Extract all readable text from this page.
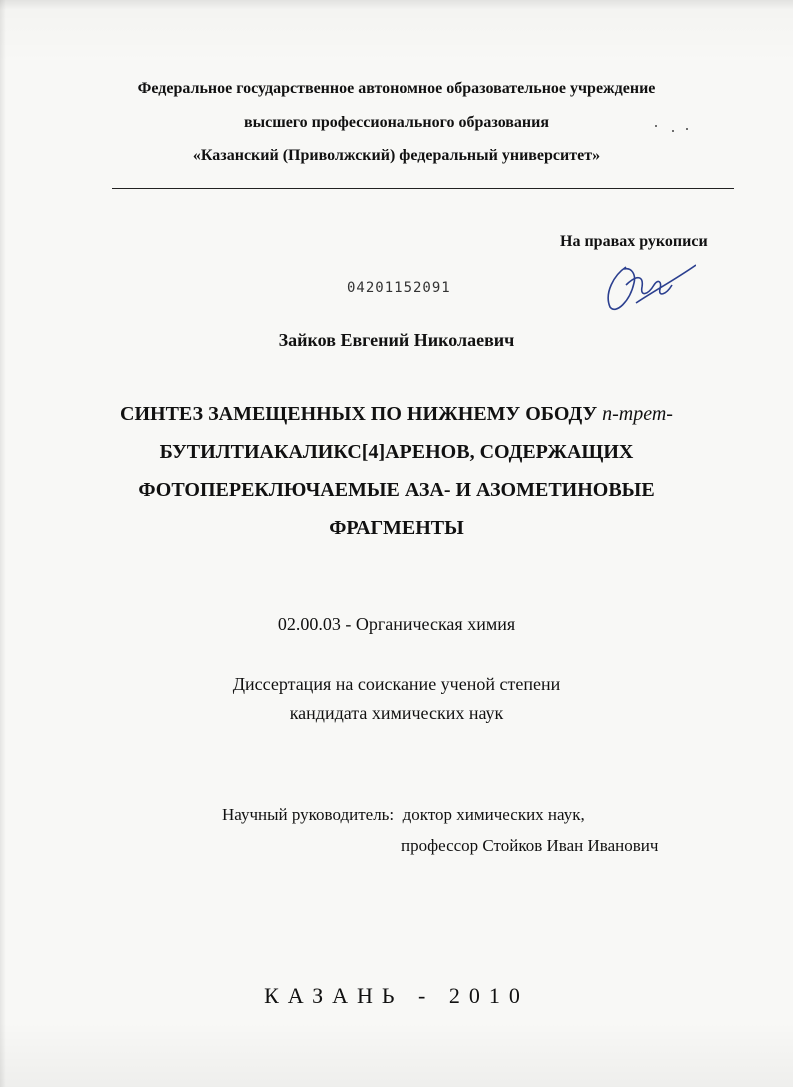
Федеральное государственное автономное образовательное учреждение
высшего профессионального образования
«Казанский (Приволжский) федеральный университет»
На правах рукописи
04201152091
Зайков Евгений Николаевич
СИНТЕЗ ЗАМЕЩЕННЫХ ПО НИЖНЕМУ ОБОДУ п-трет-
БУТИЛТИАКАЛИКС[4]АРЕНОВ, СОДЕРЖАЩИХ
ФОТОПЕРЕКЛЮЧАЕМЫЕ АЗА- И АЗОМЕТИНОВЫЕ
ФРАГМЕНТЫ
02.00.03 - Органическая химия
Диссертация на соискание ученой степени
кандидата химических наук
Научный руководитель: доктор химических наук,
профессор Стойков Иван Иванович
КАЗАНЬ - 2010
